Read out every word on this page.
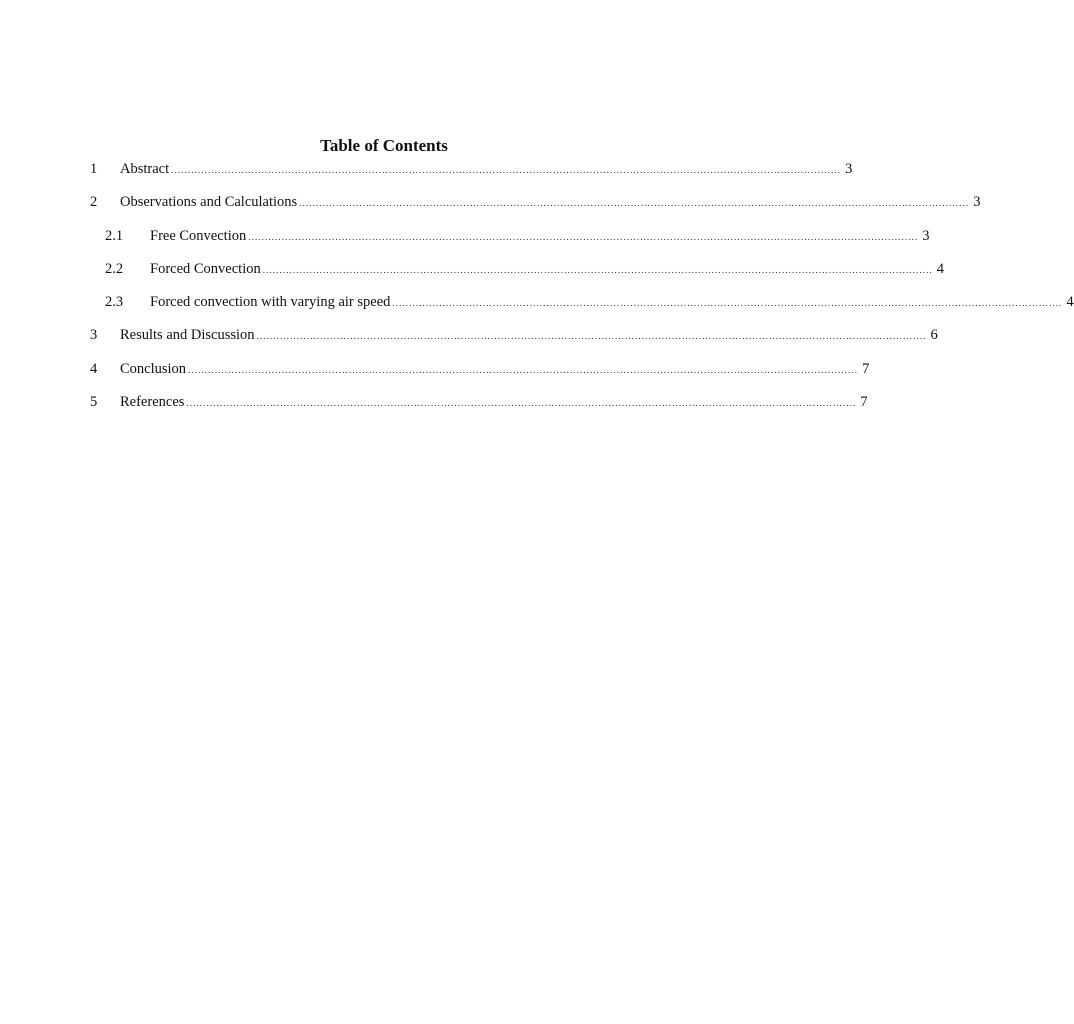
Table of Contents
1 Abstract ........................................................................................................................................................................................................ 3
2 Observations and Calculations ........................................................................................................................................................................................................ 3
2.1 Free Convection ........................................................................................................................................................................................................ 3
2.2 Forced Convection ........................................................................................................................................................................................................ 4
2.3 Forced convection with varying air speed ........................................................................................................................................................................................................ 4
3 Results and Discussion ........................................................................................................................................................................................................ 6
4 Conclusion ........................................................................................................................................................................................................ 7
5 References ........................................................................................................................................................................................................ 7
